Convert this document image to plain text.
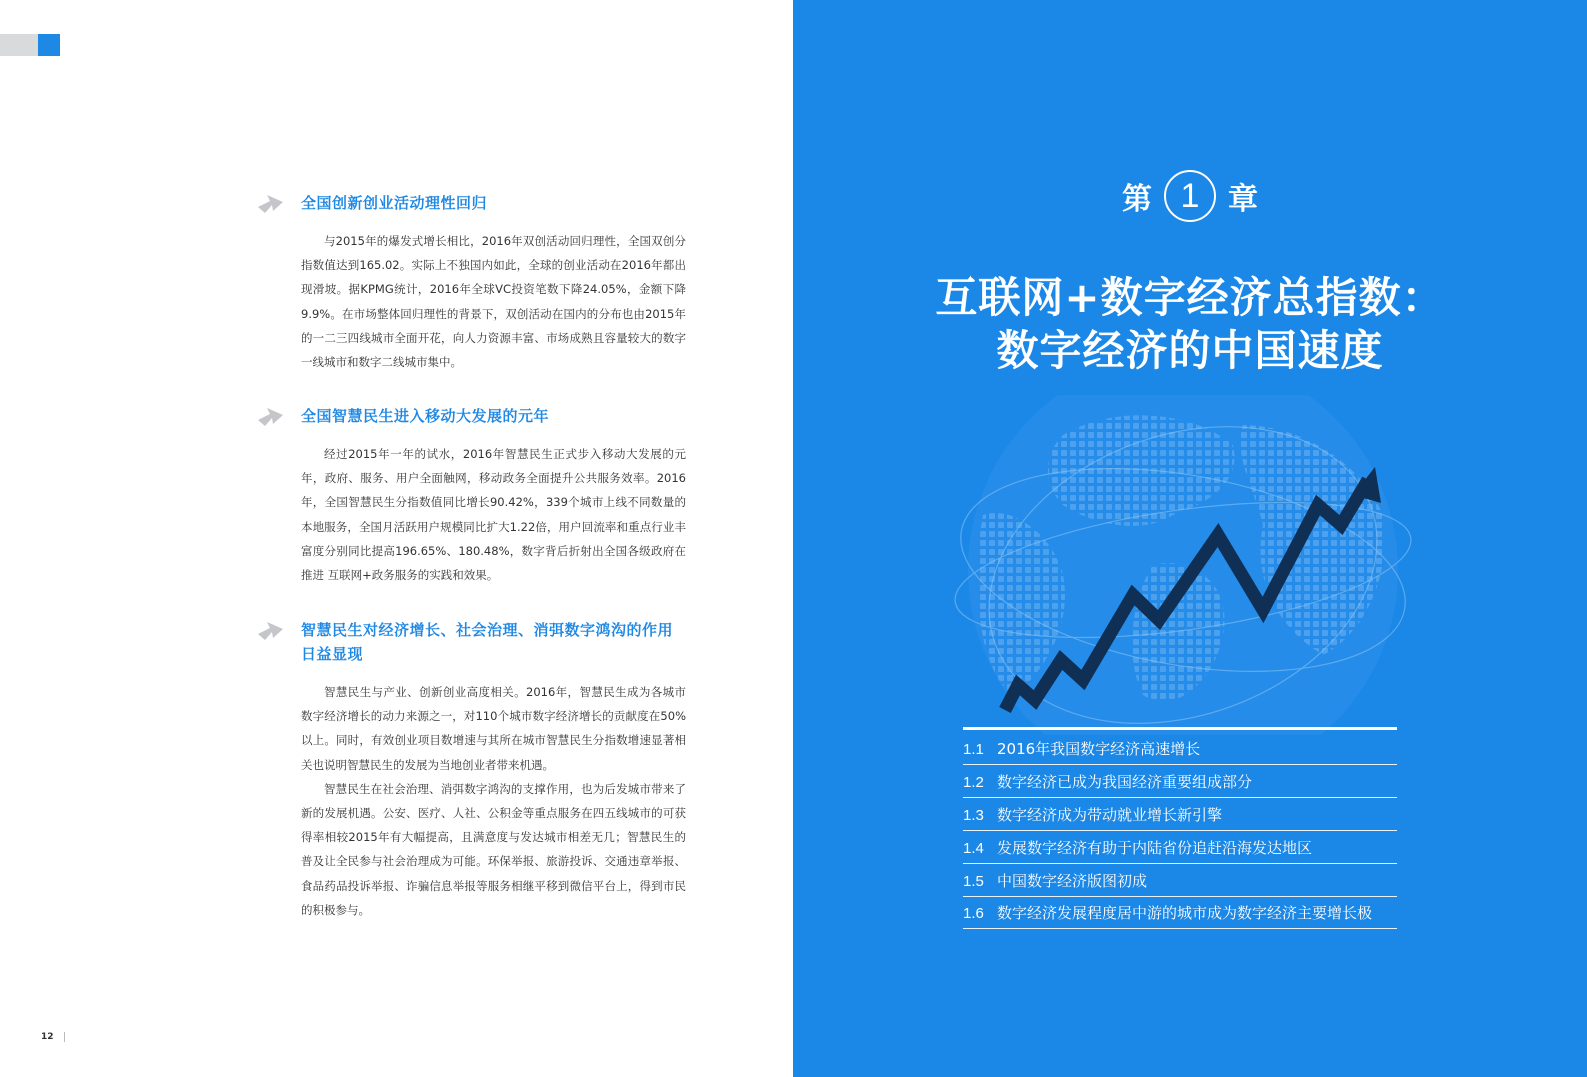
全国创新创业活动理性回归

与2015年的爆发式增长相比，2016年双创活动回归理性，全国双创分指数值达到165.02。实际上不独国内如此，全球的创业活动在2016年都出现滑坡。据KPMG统计，2016年全球VC投资笔数下降24.05%，金额下降9.9%。在市场整体回归理性的背景下，双创活动在国内的分布也由2015年的一二三四线城市全面开花，向人力资源丰富、市场成熟且容量较大的数字一线城市和数字二线城市集中。

全国智慧民生进入移动大发展的元年

经过2015年一年的试水，2016年智慧民生正式步入移动大发展的元年，政府、服务、用户全面触网，移动政务全面提升公共服务效率。2016年，全国智慧民生分指数值同比增长90.42%，339个城市上线不同数量的本地服务，全国月活跃用户规模同比扩大1.22倍，用户回流率和重点行业丰富度分别同比提高196.65%、180.48%，数字背后折射出全国各级政府在推进 互联网+政务服务的实践和效果。

智慧民生对经济增长、社会治理、消弭数字鸿沟的作用日益显现

智慧民生与产业、创新创业高度相关。2016年，智慧民生成为各城市数字经济增长的动力来源之一，对110个城市数字经济增长的贡献度在50%以上。同时，有效创业项目数增速与其所在城市智慧民生分指数增速显著相关也说明智慧民生的发展为当地创业者带来机遇。

智慧民生在社会治理、消弭数字鸿沟的支撑作用，也为后发城市带来了新的发展机遇。公安、医疗、人社、公积金等重点服务在四五线城市的可获得率相较2015年有大幅提高，且满意度与发达城市相差无几；智慧民生的普及让全民参与社会治理成为可能。环保举报、旅游投诉、交通违章举报、食品药品投诉举报、诈骗信息举报等服务相继平移到微信平台上，得到市民的积极参与。

12
第 1 章
互联网+数字经济总指数：
数字经济的中国速度
1.1 2016年我国数字经济高速增长
1.2 数字经济已成为我国经济重要组成部分
1.3 数字经济成为带动就业增长新引擎
1.4 发展数字经济有助于内陆省份追赶沿海发达地区
1.5 中国数字经济版图初成
1.6 数字经济发展程度居中游的城市成为数字经济主要增长极
